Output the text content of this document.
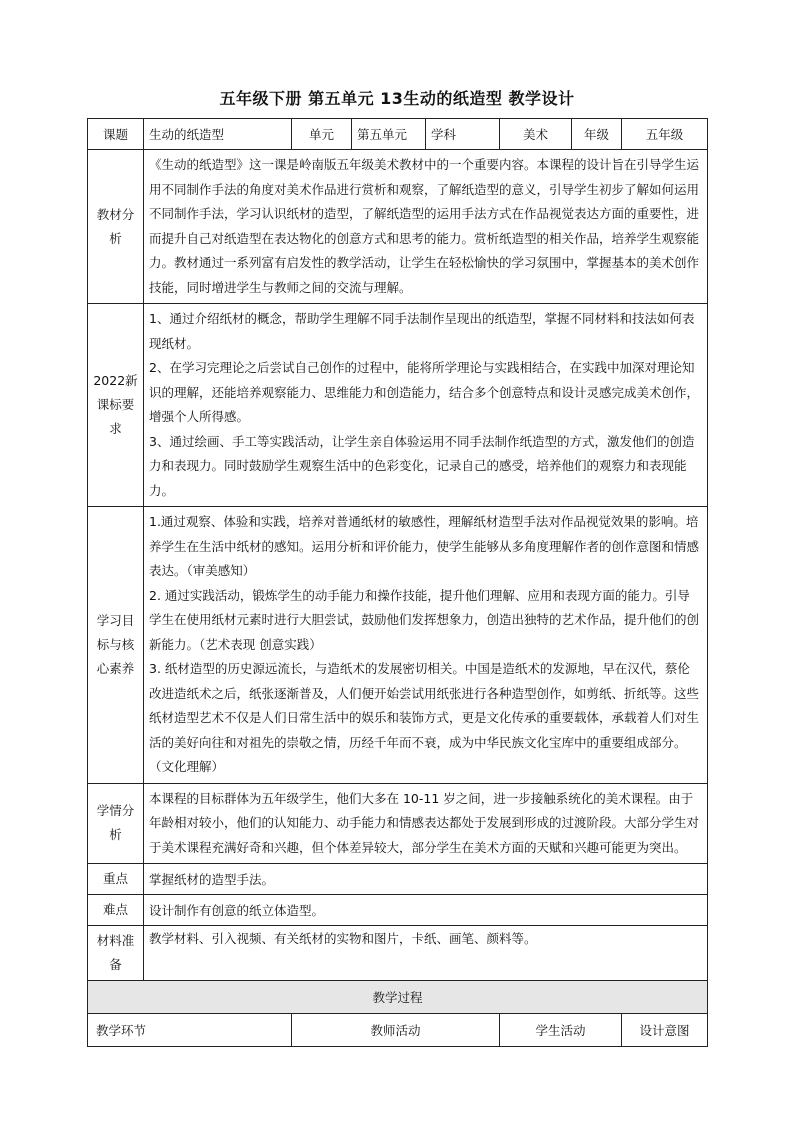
五年级下册 第五单元 13生动的纸造型 教学设计
课题	生动的纸造型	单元	第五单元	学科	美术	年级	五年级
教材分析	《生动的纸造型》这一课是岭南版五年级美术教材中的一个重要内容。本课程的设计旨在引导学生运用不同制作手法的角度对美术作品进行赏析和观察，了解纸造型的意义，引导学生初步了解如何运用不同制作手法，学习认识纸材的造型，了解纸造型的运用手法方式在作品视觉表达方面的重要性，进而提升自己对纸造型在表达物化的创意方式和思考的能力。赏析纸造型的相关作品，培养学生观察能力。教材通过一系列富有启发性的教学活动，让学生在轻松愉快的学习氛围中，掌握基本的美术创作技能，同时增进学生与教师之间的交流与理解。						
2022新课标要求	1、通过介绍纸材的概念，帮助学生理解不同手法制作呈现出的纸造型，掌握不同材料和技法如何表现纸材。
2、在学习完理论之后尝试自己创作的过程中，能将所学理论与实践相结合，在实践中加深对理论知识的理解，还能培养观察能力、思维能力和创造能力，结合多个创意特点和设计灵感完成美术创作，增强个人所得感。
3、通过绘画、手工等实践活动，让学生亲自体验运用不同手法制作纸造型的方式，激发他们的创造力和表现力。同时鼓励学生观察生活中的色彩变化，记录自己的感受，培养他们的观察力和表现能力。						

学习目标与核心素养	1.通过观察、体验和实践，培养对普通纸材的敏感性，理解纸材造型手法对作品视觉效果的影响。培养学生在生活中纸材的感知。运用分析和评价能力，使学生能够从多角度理解作者的创作意图和情感表达。（审美感知）
2. 通过实践活动，锻炼学生的动手能力和操作技能，提升他们理解、应用和表现方面的能力。引导学生在使用纸材元素时进行大胆尝试，鼓励他们发挥想象力，创造出独特的艺术作品，提升他们的创新能力。（艺术表现 创意实践）
3. 纸材造型的历史源远流长，与造纸术的发展密切相关。中国是造纸术的发源地，早在汉代，蔡伦改进造纸术之后，纸张逐渐普及，人们便开始尝试用纸张进行各种造型创作，如剪纸、折纸等。这些纸材造型艺术不仅是人们日常生活中的娱乐和装饰方式，更是文化传承的重要载体，承载着人们对生活的美好向往和对祖先的崇敬之情，历经千年而不衰，成为中华民族文化宝库中的重要组成部分。（文化理解）						

学情分析	本课程的目标群体为五年级学生，他们大多在 10-11 岁之间，进一步接触系统化的美术课程。由于年龄相对较小，他们的认知能力、动手能力和情感表达都处于发展到形成的过渡阶段。大部分学生对于美术课程充满好奇和兴趣，但个体差异较大，部分学生在美术方面的天赋和兴趣可能更为突出。						
重点	掌握纸材的造型手法。						
难点	设计制作有创意的纸立体造型。						
材料准备	教学材料、引入视频、有关纸材的实物和图片，卡纸、画笔、颜料等。						
教学过程							
教学环节		教师活动			学生活动		设计意图
